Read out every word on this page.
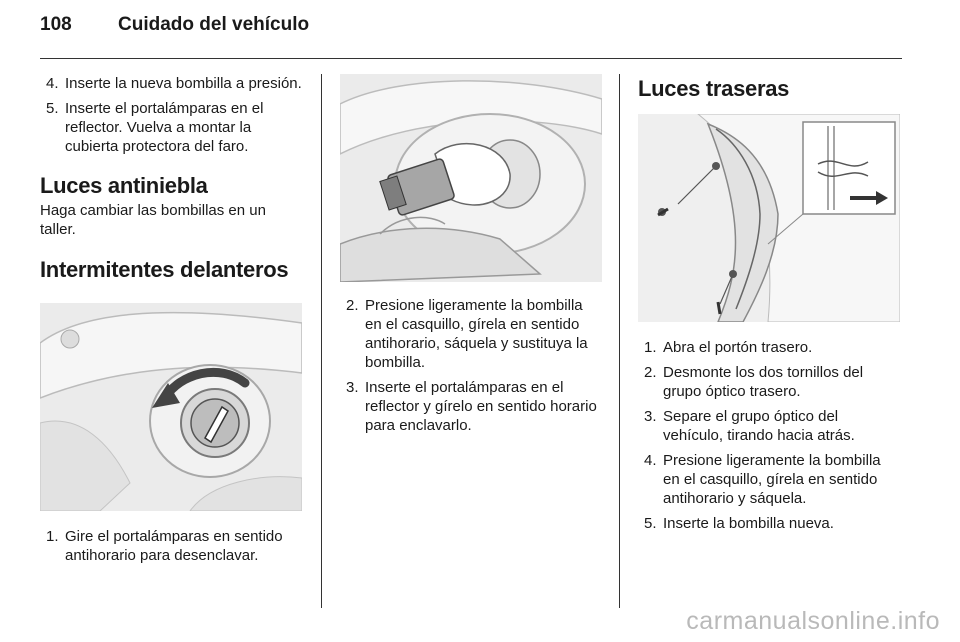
108 Cuidado del vehículo
4. Inserte la nueva bombilla a presión.
5. Inserte el portalámparas en el reflector. Vuelva a montar la cubierta protectora del faro.
Luces antiniebla

Haga cambiar las bombillas en un taller.

Intermitentes delanteros
1. Gire el portalámparas en sentido antihorario para desenclavar.
2. Presione ligeramente la bombilla en el casquillo, gírela en sentido antihorario, sáquela y sustituya la bombilla.
3. Inserte el portalámparas en el reflector y gírelo en sentido horario para enclavarlo.
Luces traseras
1. Abra el portón trasero.
2. Desmonte los dos tornillos del grupo óptico trasero.
3. Separe el grupo óptico del vehículo, tirando hacia atrás.
4. Presione ligeramente la bombilla en el casquillo, gírela en sentido antihorario y sáquela.
5. Inserte la bombilla nueva.
carmanualsonline.info
